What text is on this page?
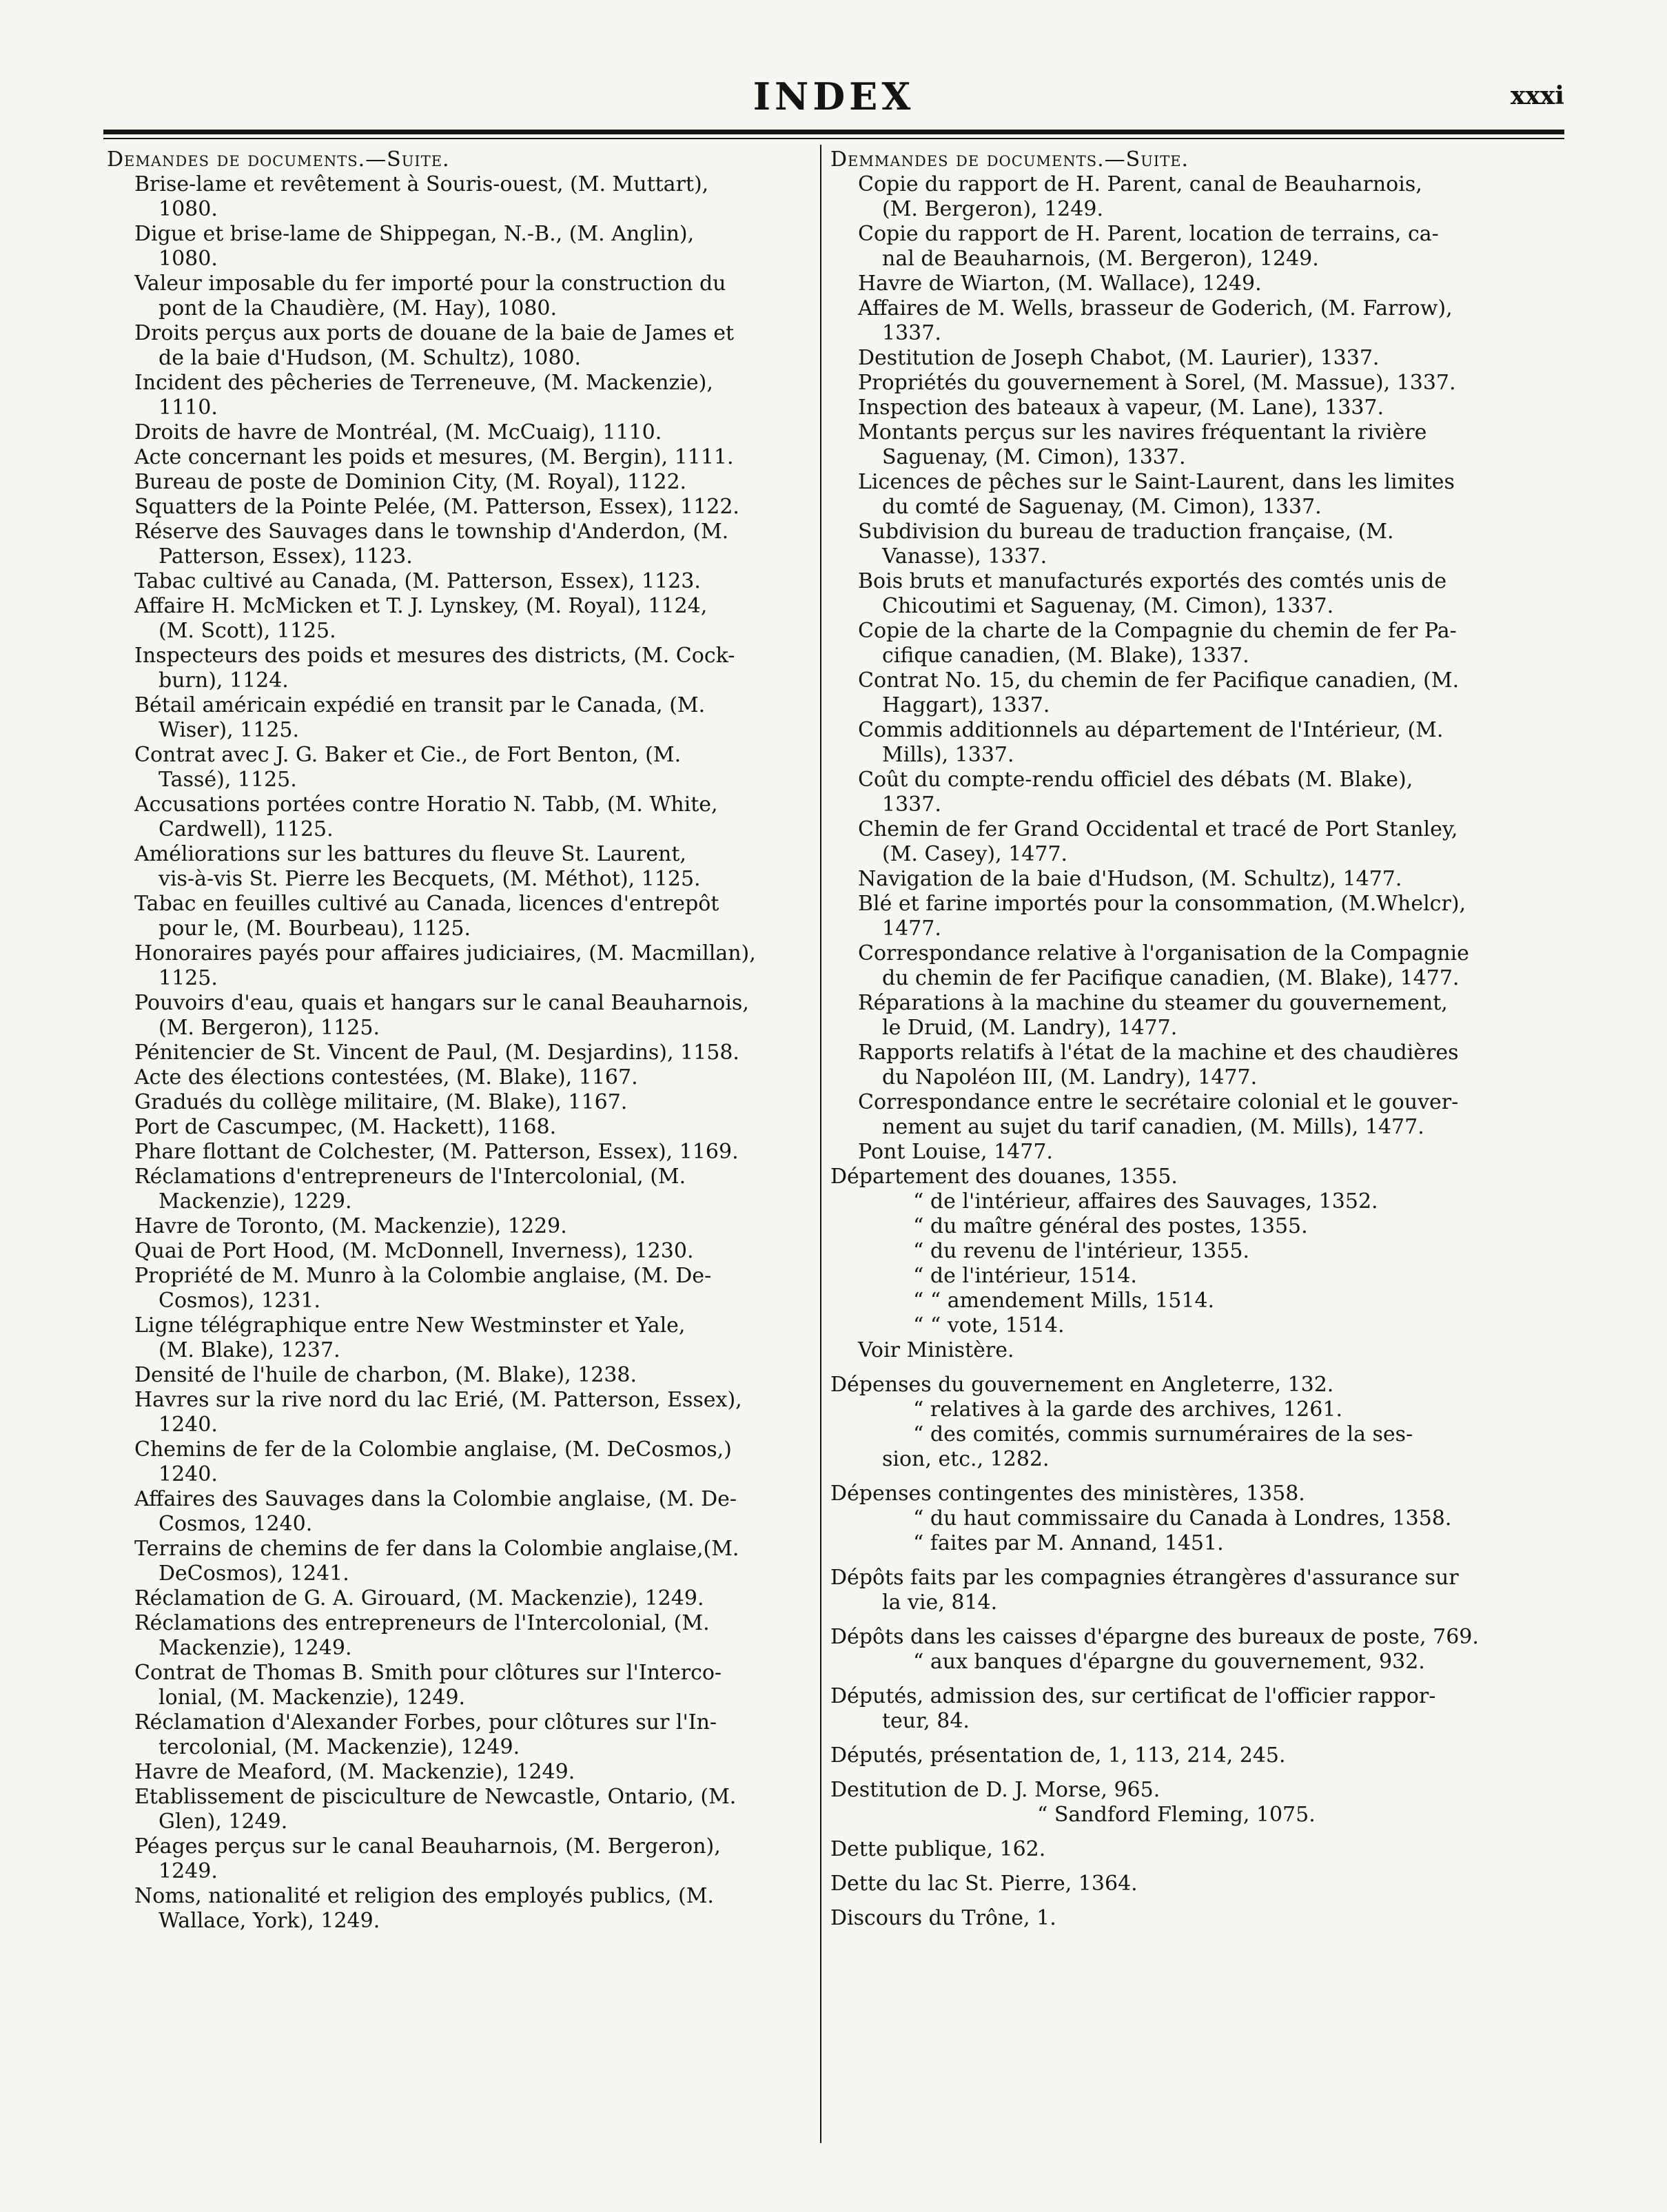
INDEX	xxxi
Demandes de documents.—Suite.
Brise-lame et revêtement à Souris-ouest, (M. Muttart),
1080.
Digue et brise-lame de Shippegan, N.-B., (M. Anglin),
1080.
Valeur imposable du fer importé pour la construction du
pont de la Chaudière, (M. Hay), 1080.
Droits perçus aux ports de douane de la baie de James et
de la baie d'Hudson, (M. Schultz), 1080.
Incident des pêcheries de Terreneuve, (M. Mackenzie),
1110.
Droits de havre de Montréal, (M. McCuaig), 1110.
Acte concernant les poids et mesures, (M. Bergin), 1111.
Bureau de poste de Dominion City, (M. Royal), 1122.
Squatters de la Pointe Pelée, (M. Patterson, Essex), 1122.
Réserve des Sauvages dans le township d'Anderdon, (M.
Patterson, Essex), 1123.
Tabac cultivé au Canada, (M. Patterson, Essex), 1123.
Affaire H. McMicken et T. J. Lynskey, (M. Royal), 1124,
(M. Scott), 1125.
Inspecteurs des poids et mesures des districts, (M. Cock-
burn), 1124.
Bétail américain expédié en transit par le Canada, (M.
Wiser), 1125.
Contrat avec J. G. Baker et Cie., de Fort Benton, (M.
Tassé), 1125.
Accusations portées contre Horatio N. Tabb, (M. White,
Cardwell), 1125.
Améliorations sur les battures du fleuve St. Laurent,
vis-à-vis St. Pierre les Becquets, (M. Méthot), 1125.
Tabac en feuilles cultivé au Canada, licences d'entrepôt
pour le, (M. Bourbeau), 1125.
Honoraires payés pour affaires judiciaires, (M. Macmillan),
1125.
Pouvoirs d'eau, quais et hangars sur le canal Beauharnois,
(M. Bergeron), 1125.
Pénitencier de St. Vincent de Paul, (M. Desjardins), 1158.
Acte des élections contestées, (M. Blake), 1167.
Gradués du collège militaire, (M. Blake), 1167.
Port de Cascumpec, (M. Hackett), 1168.
Phare flottant de Colchester, (M. Patterson, Essex), 1169.
Réclamations d'entrepreneurs de l'Intercolonial, (M.
Mackenzie), 1229.
Havre de Toronto, (M. Mackenzie), 1229.
Quai de Port Hood, (M. McDonnell, Inverness), 1230.
Propriété de M. Munro à la Colombie anglaise, (M. De-
Cosmos), 1231.
Ligne télégraphique entre New Westminster et Yale,
(M. Blake), 1237.
Densité de l'huile de charbon, (M. Blake), 1238.
Havres sur la rive nord du lac Erié, (M. Patterson, Essex),
1240.
Chemins de fer de la Colombie anglaise, (M. DeCosmos,)
1240.
Affaires des Sauvages dans la Colombie anglaise, (M. De-
Cosmos, 1240.
Terrains de chemins de fer dans la Colombie anglaise,(M.
DeCosmos), 1241.
Réclamation de G. A. Girouard, (M. Mackenzie), 1249.
Réclamations des entrepreneurs de l'Intercolonial, (M.
Mackenzie), 1249.
Contrat de Thomas B. Smith pour clôtures sur l'Interco-
lonial, (M. Mackenzie), 1249.
Réclamation d'Alexander Forbes, pour clôtures sur l'In-
tercolonial, (M. Mackenzie), 1249.
Havre de Meaford, (M. Mackenzie), 1249.
Etablissement de pisciculture de Newcastle, Ontario, (M.
Glen), 1249.
Péages perçus sur le canal Beauharnois, (M. Bergeron),
1249.
Noms, nationalité et religion des employés publics, (M.
Wallace, York), 1249.
Demmandes de documents.—Suite.
Copie du rapport de H. Parent, canal de Beauharnois,
(M. Bergeron), 1249.
Copie du rapport de H. Parent, location de terrains, ca-
nal de Beauharnois, (M. Bergeron), 1249.
Havre de Wiarton, (M. Wallace), 1249.
Affaires de M. Wells, brasseur de Goderich, (M. Farrow),
1337.
Destitution de Joseph Chabot, (M. Laurier), 1337.
Propriétés du gouvernement à Sorel, (M. Massue), 1337.
Inspection des bateaux à vapeur, (M. Lane), 1337.
Montants perçus sur les navires fréquentant la rivière
Saguenay, (M. Cimon), 1337.
Licences de pêches sur le Saint-Laurent, dans les limites
du comté de Saguenay, (M. Cimon), 1337.
Subdivision du bureau de traduction française, (M.
Vanasse), 1337.
Bois bruts et manufacturés exportés des comtés unis de
Chicoutimi et Saguenay, (M. Cimon), 1337.
Copie de la charte de la Compagnie du chemin de fer Pa-
cifique canadien, (M. Blake), 1337.
Contrat No. 15, du chemin de fer Pacifique canadien, (M.
Haggart), 1337.
Commis additionnels au département de l'Intérieur, (M.
Mills), 1337.
Coût du compte-rendu officiel des débats (M. Blake),
1337.
Chemin de fer Grand Occidental et tracé de Port Stanley,
(M. Casey), 1477.
Navigation de la baie d'Hudson, (M. Schultz), 1477.
Blé et farine importés pour la consommation, (M.Whelcr),
1477.
Correspondance relative à l'organisation de la Compagnie
du chemin de fer Pacifique canadien, (M. Blake), 1477.
Réparations à la machine du steamer du gouvernement,
le Druid, (M. Landry), 1477.
Rapports relatifs à l'état de la machine et des chaudières
du Napoléon III, (M. Landry), 1477.
Correspondance entre le secrétaire colonial et le gouver-
nement au sujet du tarif canadien, (M. Mills), 1477.
Pont Louise, 1477.
Département des douanes, 1355.
“ de l'intérieur, affaires des Sauvages, 1352.
“ du maître général des postes, 1355.
“ du revenu de l'intérieur, 1355.
“ de l'intérieur, 1514.
“ “ amendement Mills, 1514.
“ “ vote, 1514.
Voir Ministère.
Dépenses du gouvernement en Angleterre, 132.
“ relatives à la garde des archives, 1261.
“ des comités, commis surnuméraires de la ses-
sion, etc., 1282.
Dépenses contingentes des ministères, 1358.
“ du haut commissaire du Canada à Londres, 1358.
“ faites par M. Annand, 1451.
Dépôts faits par les compagnies étrangères d'assurance sur
la vie, 814.
Dépôts dans les caisses d'épargne des bureaux de poste, 769.
“ aux banques d'épargne du gouvernement, 932.
Députés, admission des, sur certificat de l'officier rappor-
teur, 84.
Députés, présentation de, 1, 113, 214, 245.
Destitution de D. J. Morse, 965.
“ Sandford Fleming, 1075.
Dette publique, 162.
Dette du lac St. Pierre, 1364.
Discours du Trône, 1.
